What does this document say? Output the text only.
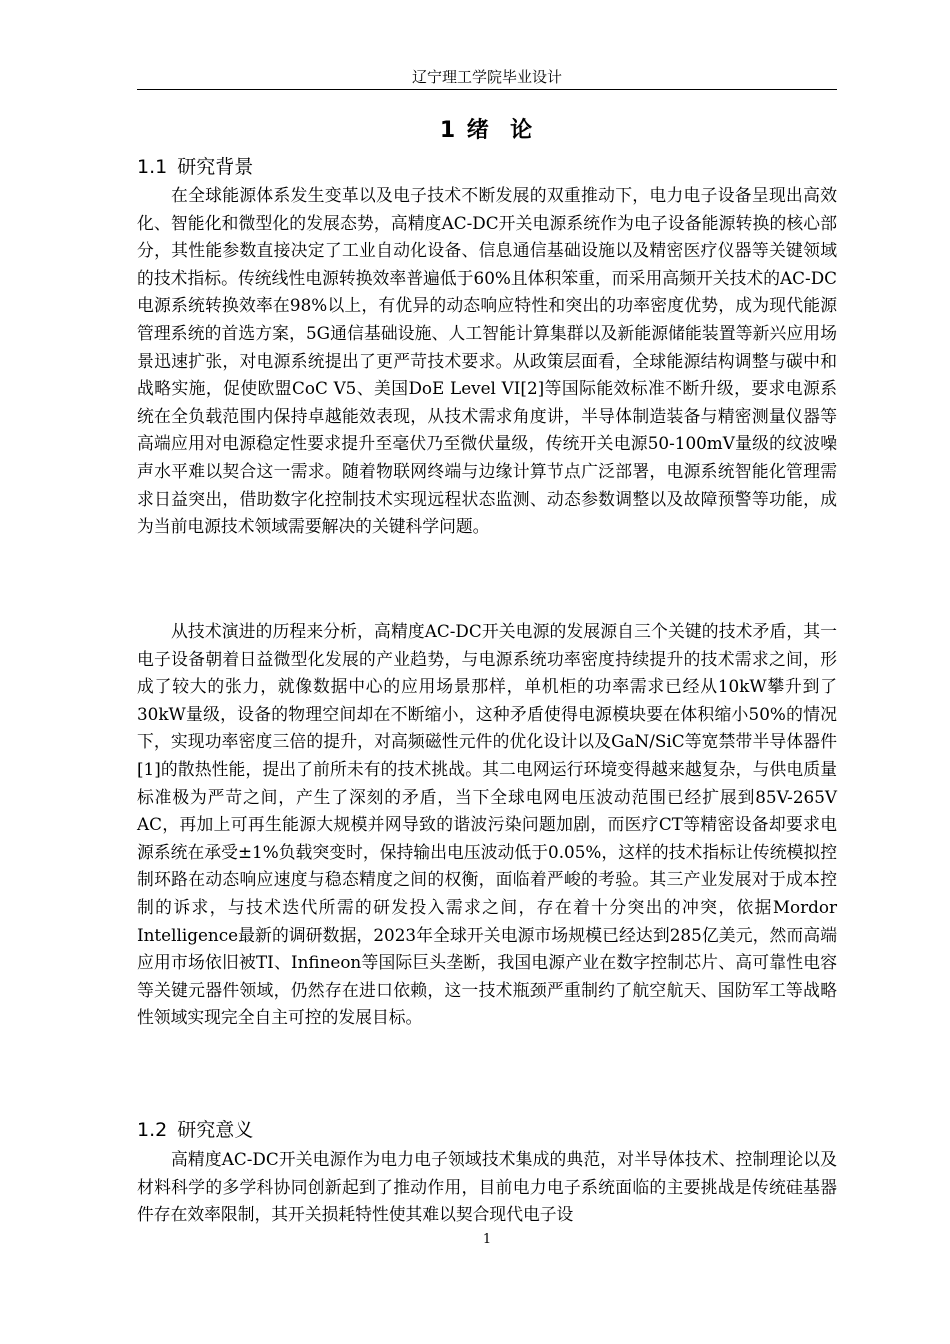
辽宁理工学院毕业设计
1 绪  论
1.1 研究背景
在全球能源体系发生变革以及电子技术不断发展的双重推动下，电力电子设备呈现出高效化、智能化和微型化的发展态势，高精度AC-DC开关电源系统作为电子设备能源转换的核心部分，其性能参数直接决定了工业自动化设备、信息通信基础设施以及精密医疗仪器等关键领域的技术指标。传统线性电源转换效率普遍低于60%且体积笨重，而采用高频开关技术的AC-DC电源系统转换效率在98%以上，有优异的动态响应特性和突出的功率密度优势，成为现代能源管理系统的首选方案，5G通信基础设施、人工智能计算集群以及新能源储能装置等新兴应用场景迅速扩张，对电源系统提出了更严苛技术要求。从政策层面看，全球能源结构调整与碳中和战略实施，促使欧盟CoC V5、美国DoE Level VI[2]等国际能效标准不断升级，要求电源系统在全负载范围内保持卓越能效表现，从技术需求角度讲，半导体制造装备与精密测量仪器等高端应用对电源稳定性要求提升至毫伏乃至微伏量级，传统开关电源50-100mV量级的纹波噪声水平难以契合这一需求。随着物联网终端与边缘计算节点广泛部署，电源系统智能化管理需求日益突出，借助数字化控制技术实现远程状态监测、动态参数调整以及故障预警等功能，成为当前电源技术领域需要解决的关键科学问题。
从技术演进的历程来分析，高精度AC-DC开关电源的发展源自三个关键的技术矛盾，其一电子设备朝着日益微型化发展的产业趋势，与电源系统功率密度持续提升的技术需求之间，形成了较大的张力，就像数据中心的应用场景那样，单机柜的功率需求已经从10kW攀升到了30kW量级，设备的物理空间却在不断缩小，这种矛盾使得电源模块要在体积缩小50%的情况下，实现功率密度三倍的提升，对高频磁性元件的优化设计以及GaN/SiC等宽禁带半导体器件[1]的散热性能，提出了前所未有的技术挑战。其二电网运行环境变得越来越复杂，与供电质量标准极为严苛之间，产生了深刻的矛盾，当下全球电网电压波动范围已经扩展到85V-265V AC，再加上可再生能源大规模并网导致的谐波污染问题加剧，而医疗CT等精密设备却要求电源系统在承受±1%负载突变时，保持输出电压波动低于0.05%，这样的技术指标让传统模拟控制环路在动态响应速度与稳态精度之间的权衡，面临着严峻的考验。其三产业发展对于成本控制的诉求，与技术迭代所需的研发投入需求之间，存在着十分突出的冲突，依据Mordor Intelligence最新的调研数据，2023年全球开关电源市场规模已经达到285亿美元，然而高端应用市场依旧被TI、Infineon等国际巨头垄断，我国电源产业在数字控制芯片、高可靠性电容等关键元器件领域，仍然存在进口依赖，这一技术瓶颈严重制约了航空航天、国防军工等战略性领域实现完全自主可控的发展目标。
1.2 研究意义
高精度AC-DC开关电源作为电力电子领域技术集成的典范，对半导体技术、控制理论以及材料科学的多学科协同创新起到了推动作用，目前电力电子系统面临的主要挑战是传统硅基器件存在效率限制，其开关损耗特性使其难以契合现代电子设
1
